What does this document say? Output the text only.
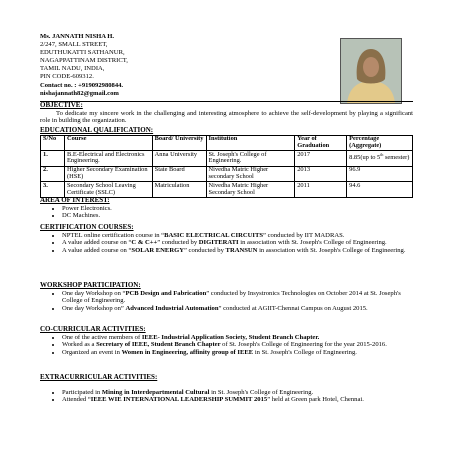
Ms. JANNATH NISHA H.
2/247, SMALL STREET,
EDUTHUKATTI SATHANUR,
NAGAPPATTINAM DISTRICT,
TAMIL NADU, INDIA,
PIN CODE-609312.
Contact no. : +919092980844.
nishajannath82@gmail.com
OBJECTIVE:

To dedicate my sincere work in the challenging and interesting atmosphere to achieve the self-development by playing a significant role in building the organization.

EDUCATIONAL QUALIFICATION:
S/No	Course	Board/ University	Institution	Year of Graduation	Percentage (Aggregate)
1.	B.E-Electrical and Electronics Engineering.	Anna University	St. Joseph's College of Engineering.	2017	8.85(up to 5th semester)
2.	Higher Secondary Examination (HSE)	State Board	Nivedha Matric Higher secondary School	2013	96.9
3.	Secondary School Leaving Certificate (SSLC)	Matriculation	Nivedha Matric Higher Secondary School	2011	94.6
AREA OF INTEREST:
• Power Electronics.
• DC Machines.
CERTIFICATION COURSES:
• NPTEL online certification course in “BASIC ELECTRICAL CIRCUITS” conducted by IIT MADRAS.
• A value added course on “C & C++” conducted by DIGITERATI in association with St. Joseph's College of Engineering.
• A value added course on “SOLAR ENERGY” conducted by TRANSUN in association with St. Joseph's College of Engineering.
WORKSHOP PARTICIPATION:
• One day Workshop on “PCB Design and Fabrication” conducted by Insystronics Technologies on October 2014 at St. Joseph's College of Engineering.
• One day Workshop on” Advanced Industrial Automation” conducted at AGIIT-Chennai Campus on August 2015.
CO-CURRICULAR ACTIVITIES:
• One of the active members of IEEE- Industrial Application Society, Student Branch Chapter.
• Worked as a Secretary of IEEE, Student Branch Chapter of St. Joseph's College of Engineering for the year 2015-2016.
• Organized an event in Women in Engineering, affinity group of IEEE in St. Joseph's College of Engineering.
EXTRACURRICULAR ACTIVITIES:
• Participated in Mining in Interdepartmental Cultural in St. Joseph's College of Engineering.
• Attended “IEEE WIE INTERNATIONAL LEADERSHIP SUMMIT 2015” held at Green park Hotel, Chennai.
